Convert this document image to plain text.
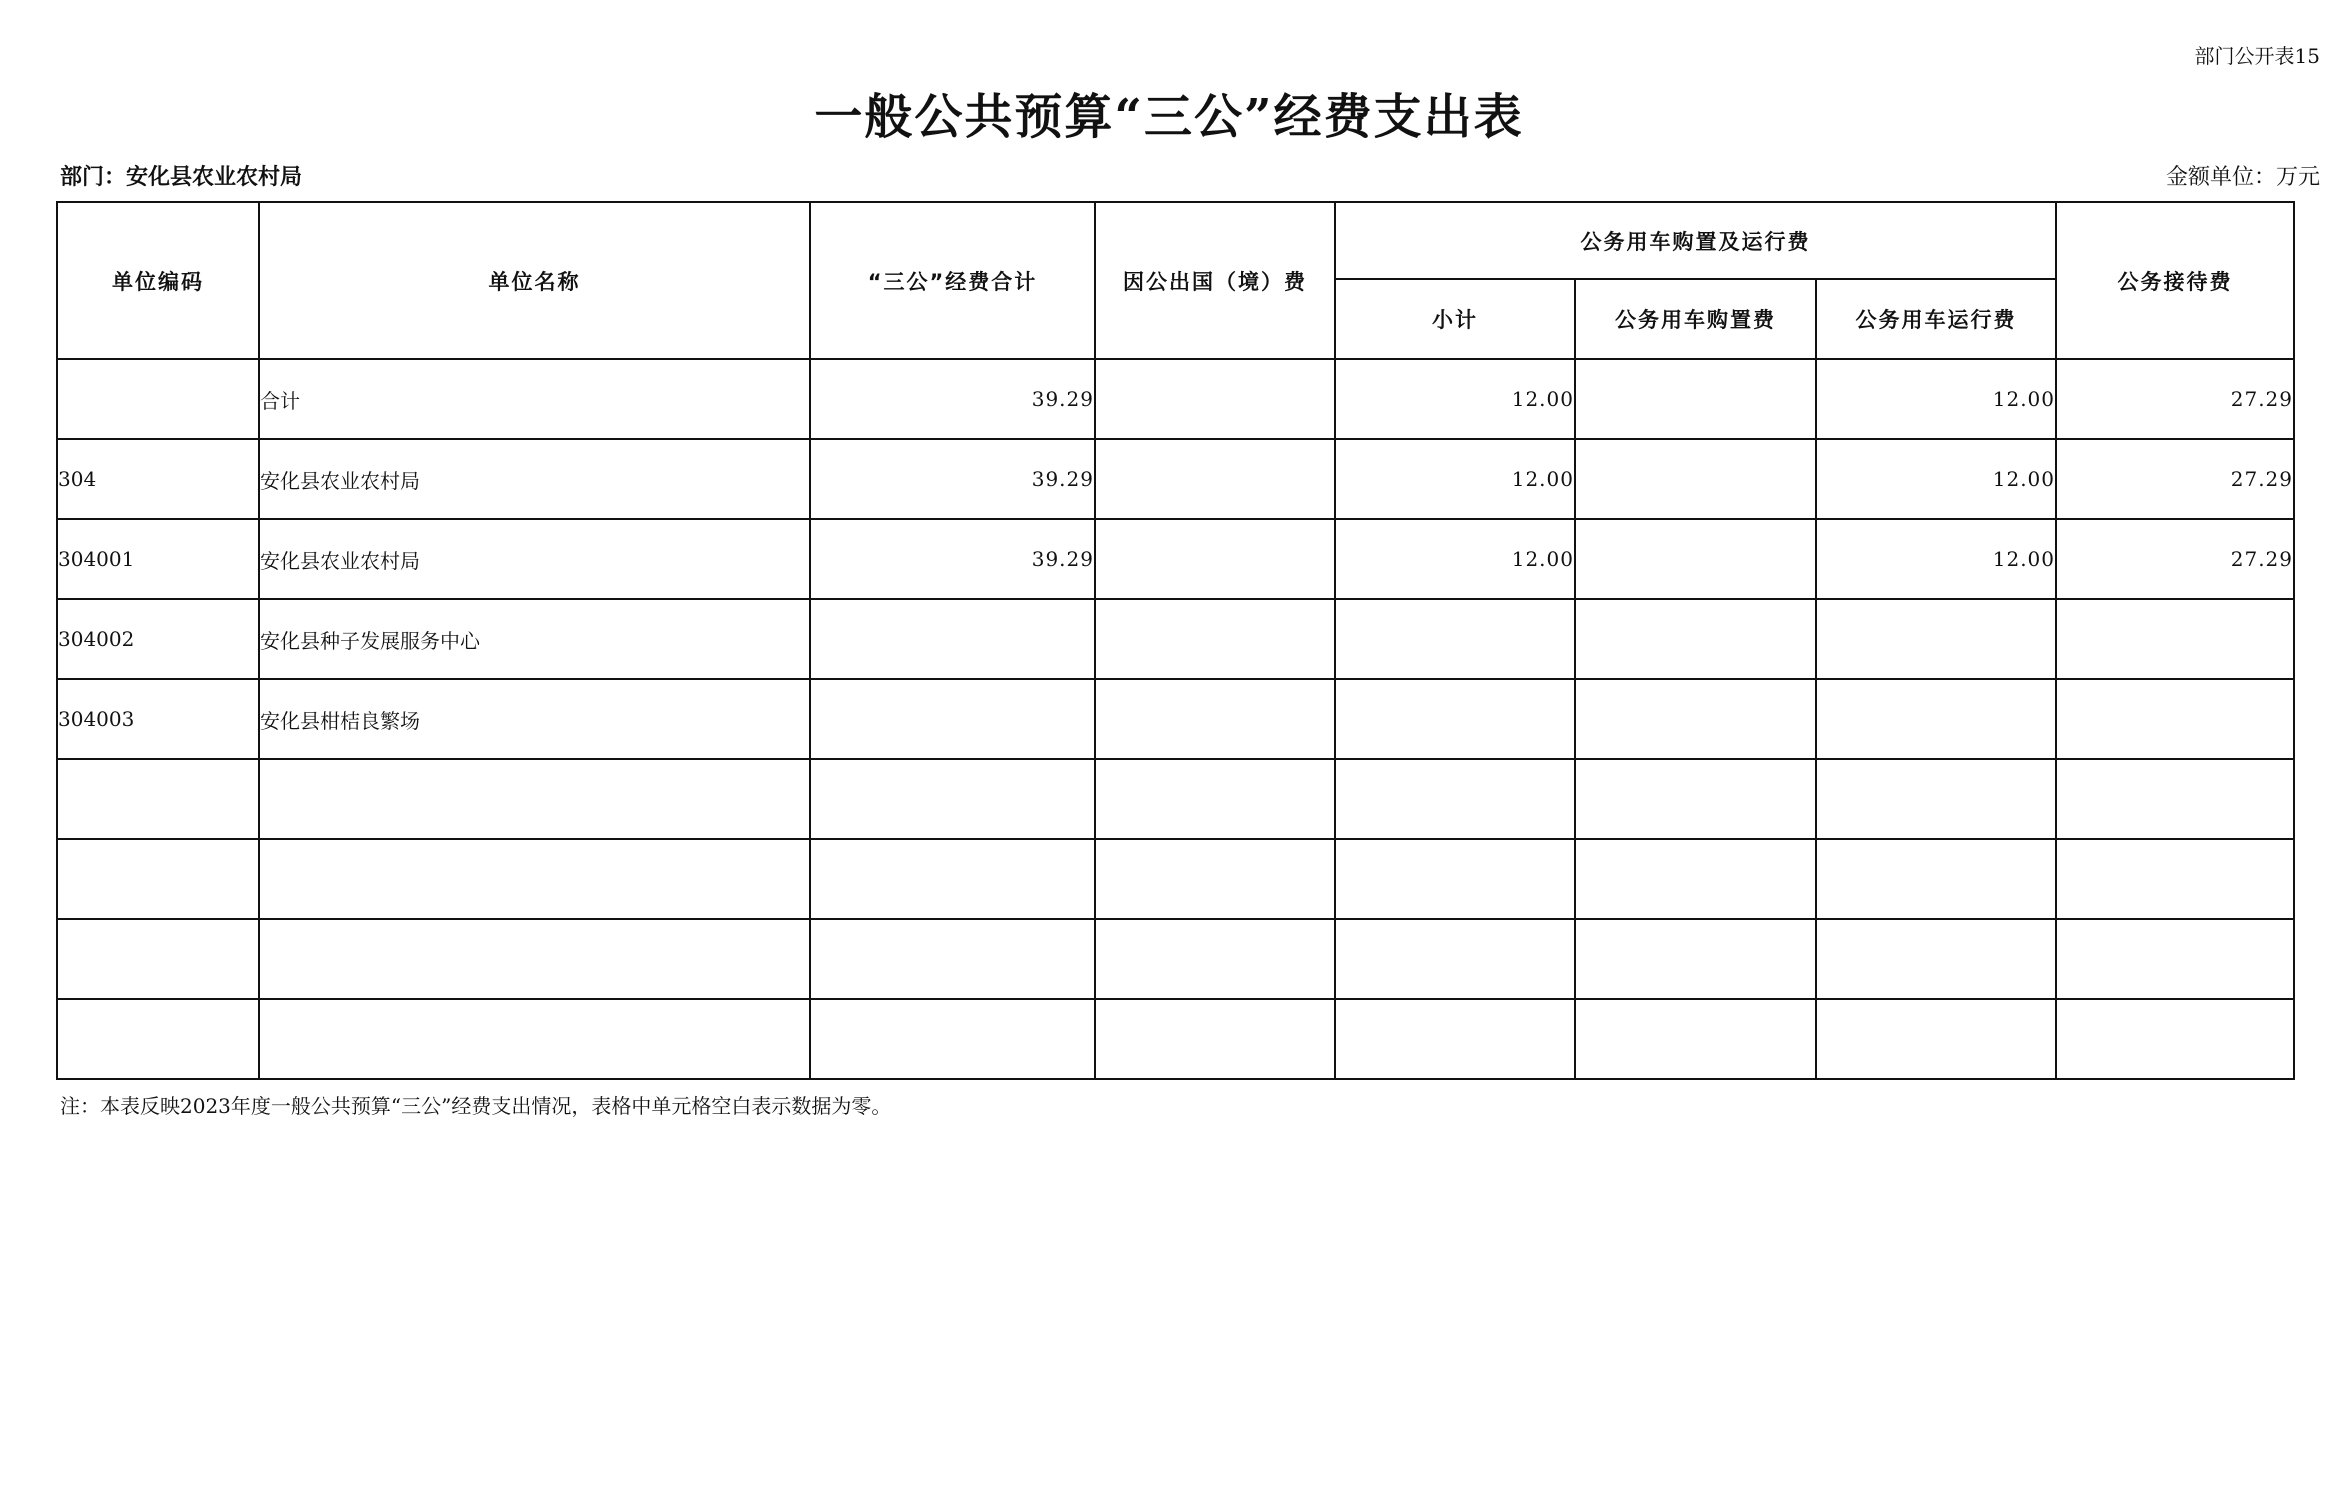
部门公开表15
一般公共预算“三公”经费支出表
部门：安化县农业农村局	金额单位：万元
单位编码	单位名称	“三公”经费合计	因公出国（境）费	公务用车购置及运行费			公务接待费
				小计	公务用车购置费	公务用车运行费	
	合计	39.29		12.00		12.00	27.29
304	安化县农业农村局	39.29		12.00		12.00	27.29
304001	安化县农业农村局	39.29		12.00		12.00	27.29
304002	安化县种子发展服务中心						
304003	安化县柑桔良繁场						

注：本表反映2023年度一般公共预算“三公”经费支出情况，表格中单元格空白表示数据为零。
